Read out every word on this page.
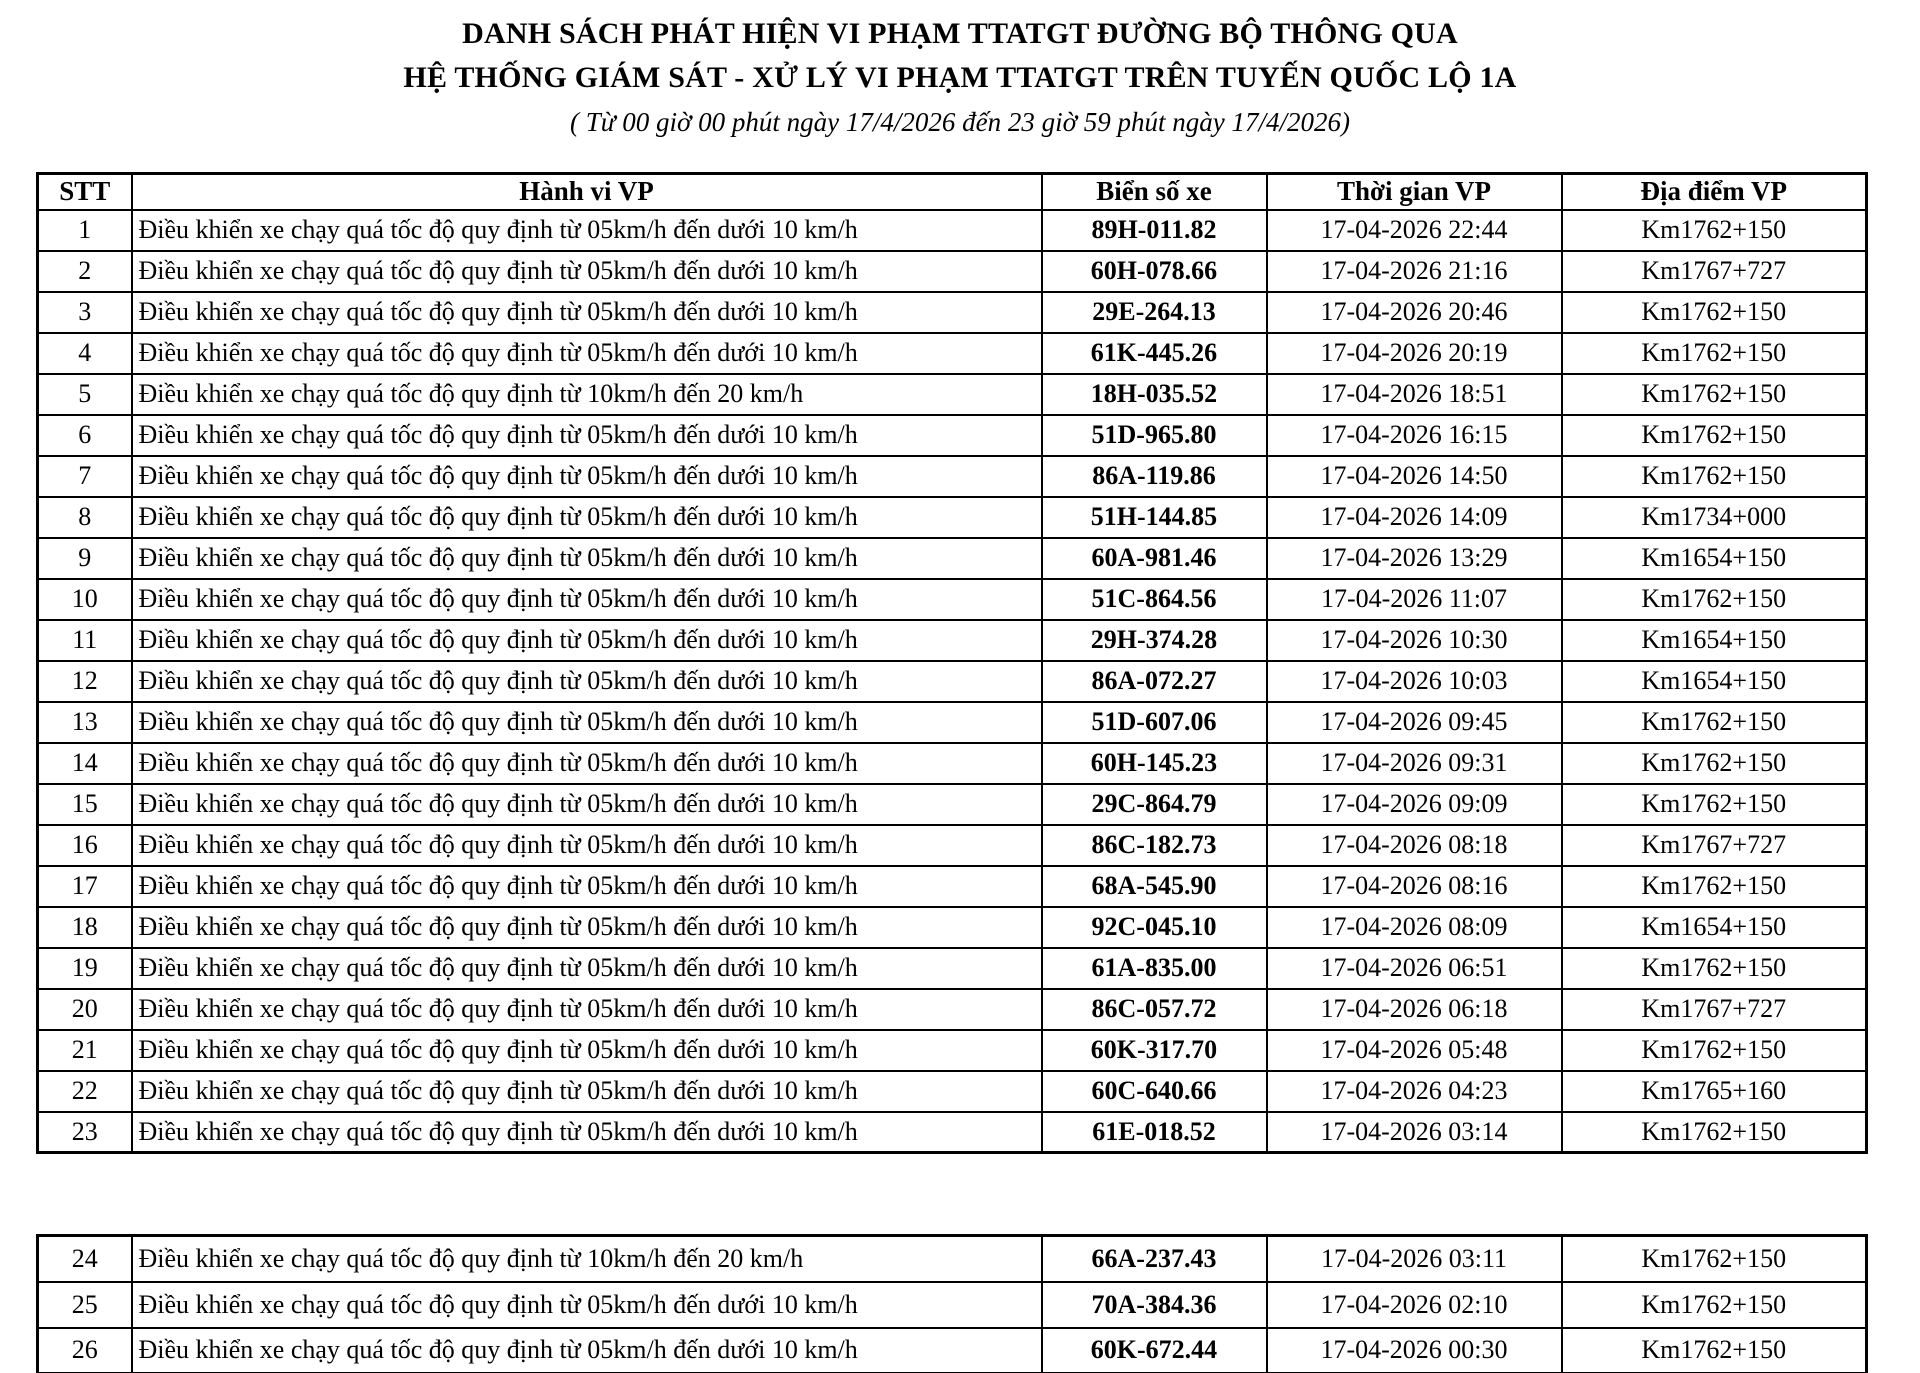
DANH SÁCH PHÁT HIỆN VI PHẠM TTATGT ĐƯỜNG BỘ THÔNG QUA
HỆ THỐNG GIÁM SÁT - XỬ LÝ VI PHẠM TTATGT TRÊN TUYẾN QUỐC LỘ 1A
( Từ 00 giờ 00 phút ngày 17/4/2026 đến 23 giờ 59 phút ngày 17/4/2026)
STT	Hành vi VP	Biển số xe	Thời gian VP	Địa điểm VP
1	Điều khiển xe chạy quá tốc độ quy định từ 05km/h đến dưới 10 km/h	89H-011.82	17-04-2026 22:44	Km1762+150
2	Điều khiển xe chạy quá tốc độ quy định từ 05km/h đến dưới 10 km/h	60H-078.66	17-04-2026 21:16	Km1767+727
3	Điều khiển xe chạy quá tốc độ quy định từ 05km/h đến dưới 10 km/h	29E-264.13	17-04-2026 20:46	Km1762+150
4	Điều khiển xe chạy quá tốc độ quy định từ 05km/h đến dưới 10 km/h	61K-445.26	17-04-2026 20:19	Km1762+150
5	Điều khiển xe chạy quá tốc độ quy định từ 10km/h đến 20 km/h	18H-035.52	17-04-2026 18:51	Km1762+150
6	Điều khiển xe chạy quá tốc độ quy định từ 05km/h đến dưới 10 km/h	51D-965.80	17-04-2026 16:15	Km1762+150
7	Điều khiển xe chạy quá tốc độ quy định từ 05km/h đến dưới 10 km/h	86A-119.86	17-04-2026 14:50	Km1762+150
8	Điều khiển xe chạy quá tốc độ quy định từ 05km/h đến dưới 10 km/h	51H-144.85	17-04-2026 14:09	Km1734+000
9	Điều khiển xe chạy quá tốc độ quy định từ 05km/h đến dưới 10 km/h	60A-981.46	17-04-2026 13:29	Km1654+150
10	Điều khiển xe chạy quá tốc độ quy định từ 05km/h đến dưới 10 km/h	51C-864.56	17-04-2026 11:07	Km1762+150
11	Điều khiển xe chạy quá tốc độ quy định từ 05km/h đến dưới 10 km/h	29H-374.28	17-04-2026 10:30	Km1654+150
12	Điều khiển xe chạy quá tốc độ quy định từ 05km/h đến dưới 10 km/h	86A-072.27	17-04-2026 10:03	Km1654+150
13	Điều khiển xe chạy quá tốc độ quy định từ 05km/h đến dưới 10 km/h	51D-607.06	17-04-2026 09:45	Km1762+150
14	Điều khiển xe chạy quá tốc độ quy định từ 05km/h đến dưới 10 km/h	60H-145.23	17-04-2026 09:31	Km1762+150
15	Điều khiển xe chạy quá tốc độ quy định từ 05km/h đến dưới 10 km/h	29C-864.79	17-04-2026 09:09	Km1762+150
16	Điều khiển xe chạy quá tốc độ quy định từ 05km/h đến dưới 10 km/h	86C-182.73	17-04-2026 08:18	Km1767+727
17	Điều khiển xe chạy quá tốc độ quy định từ 05km/h đến dưới 10 km/h	68A-545.90	17-04-2026 08:16	Km1762+150
18	Điều khiển xe chạy quá tốc độ quy định từ 05km/h đến dưới 10 km/h	92C-045.10	17-04-2026 08:09	Km1654+150
19	Điều khiển xe chạy quá tốc độ quy định từ 05km/h đến dưới 10 km/h	61A-835.00	17-04-2026 06:51	Km1762+150
20	Điều khiển xe chạy quá tốc độ quy định từ 05km/h đến dưới 10 km/h	86C-057.72	17-04-2026 06:18	Km1767+727
21	Điều khiển xe chạy quá tốc độ quy định từ 05km/h đến dưới 10 km/h	60K-317.70	17-04-2026 05:48	Km1762+150
22	Điều khiển xe chạy quá tốc độ quy định từ 05km/h đến dưới 10 km/h	60C-640.66	17-04-2026 04:23	Km1765+160
23	Điều khiển xe chạy quá tốc độ quy định từ 05km/h đến dưới 10 km/h	61E-018.52	17-04-2026 03:14	Km1762+150
24	Điều khiển xe chạy quá tốc độ quy định từ 10km/h đến 20 km/h	66A-237.43	17-04-2026 03:11	Km1762+150
25	Điều khiển xe chạy quá tốc độ quy định từ 05km/h đến dưới 10 km/h	70A-384.36	17-04-2026 02:10	Km1762+150
26	Điều khiển xe chạy quá tốc độ quy định từ 05km/h đến dưới 10 km/h	60K-672.44	17-04-2026 00:30	Km1762+150
